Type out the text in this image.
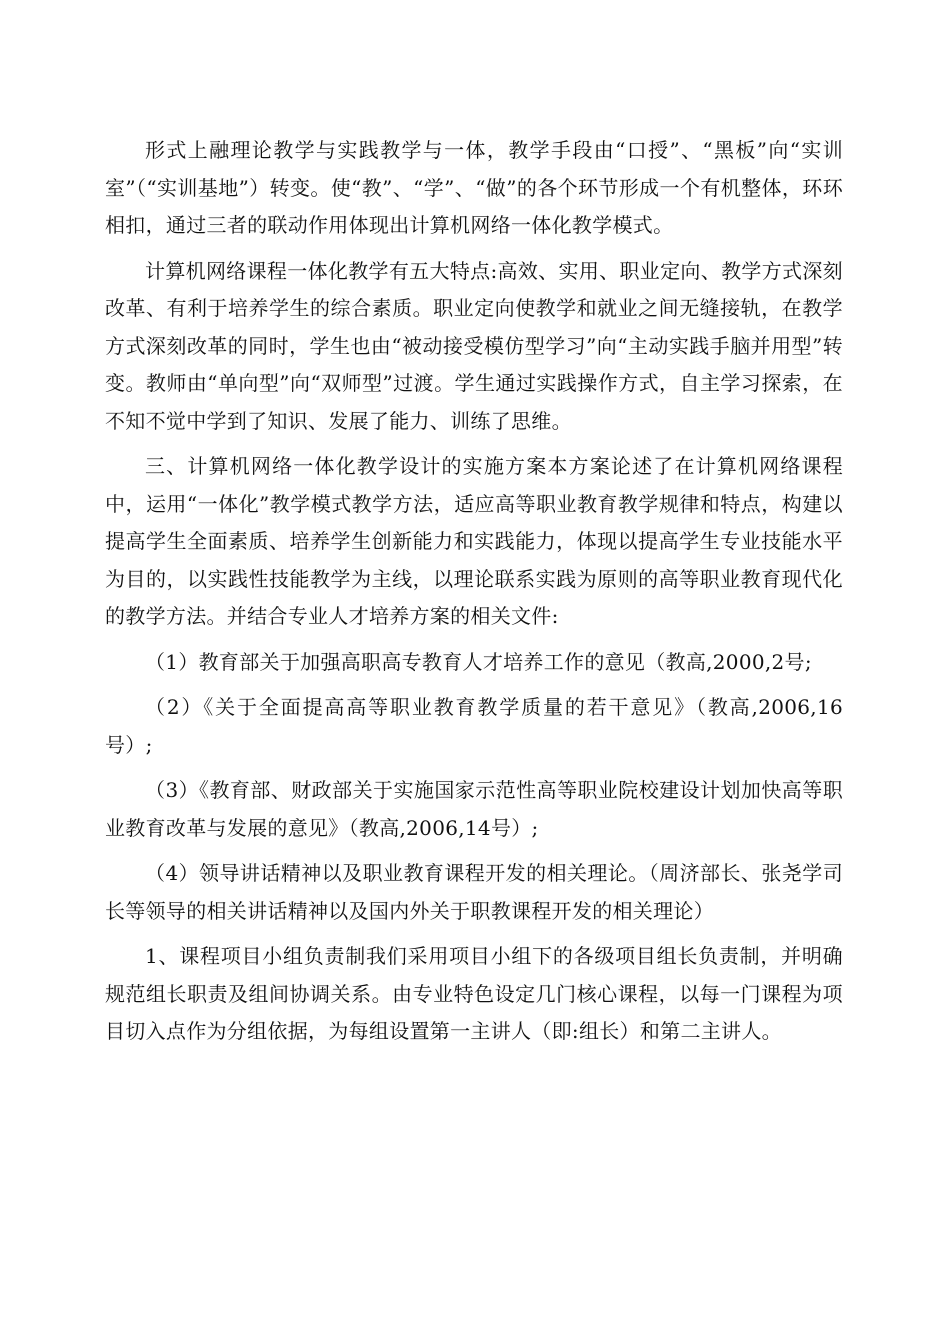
形式上融理论教学与实践教学与一体，教学手段由“口授”、“黑板”向“实训室”（“实训基地”）转变。使“教”、“学”、“做”的各个环节形成一个有机整体，环环相扣，通过三者的联动作用体现出计算机网络一体化教学模式。

计算机网络课程一体化教学有五大特点:高效、实用、职业定向、教学方式深刻改革、有利于培养学生的综合素质。职业定向使教学和就业之间无缝接轨，在教学方式深刻改革的同时，学生也由“被动接受模仿型学习”向“主动实践手脑并用型”转变。教师由“单向型”向“双师型”过渡。学生通过实践操作方式，自主学习探索，在不知不觉中学到了知识、发展了能力、训练了思维。

三、计算机网络一体化教学设计的实施方案本方案论述了在计算机网络课程中，运用“一体化”教学模式教学方法，适应高等职业教育教学规律和特点，构建以提高学生全面素质、培养学生创新能力和实践能力，体现以提高学生专业技能水平为目的，以实践性技能教学为主线，以理论联系实践为原则的高等职业教育现代化的教学方法。并结合专业人才培养方案的相关文件:

（1）教育部关于加强高职高专教育人才培养工作的意见（教高,2000,2号;

（2）《关于全面提高高等职业教育教学质量的若干意见》（教高,2006,16号）;

（3）《教育部、财政部关于实施国家示范性高等职业院校建设计划加快高等职业教育改革与发展的意见》（教高,2006,14号）;

（4）领导讲话精神以及职业教育课程开发的相关理论。（周济部长、张尧学司长等领导的相关讲话精神以及国内外关于职教课程开发的相关理论）

1、课程项目小组负责制我们采用项目小组下的各级项目组长负责制，并明确规范组长职责及组间协调关系。由专业特色设定几门核心课程，以每一门课程为项目切入点作为分组依据，为每组设置第一主讲人（即:组长）和第二主讲人。
